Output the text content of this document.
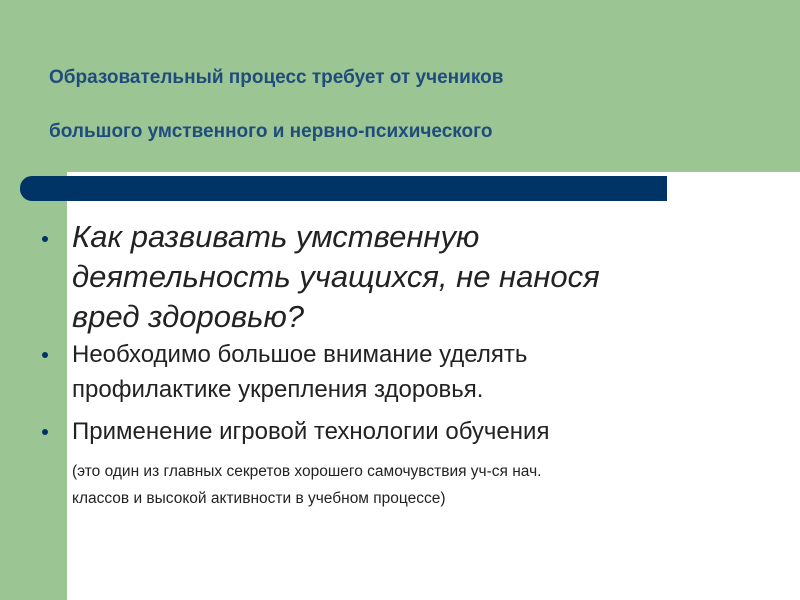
Образовательный процесс требует от учеников

большого умственного и нервно-психического

Как развивать умственную
деятельность учащихся, не нанося
вред здоровью?
Необходимо большое внимание уделять
профилактике укрепления здоровья.
Применение игровой технологии обучения
(это один из главных секретов хорошего самочувствия уч-ся нач.
классов и высокой активности в учебном процессе)
